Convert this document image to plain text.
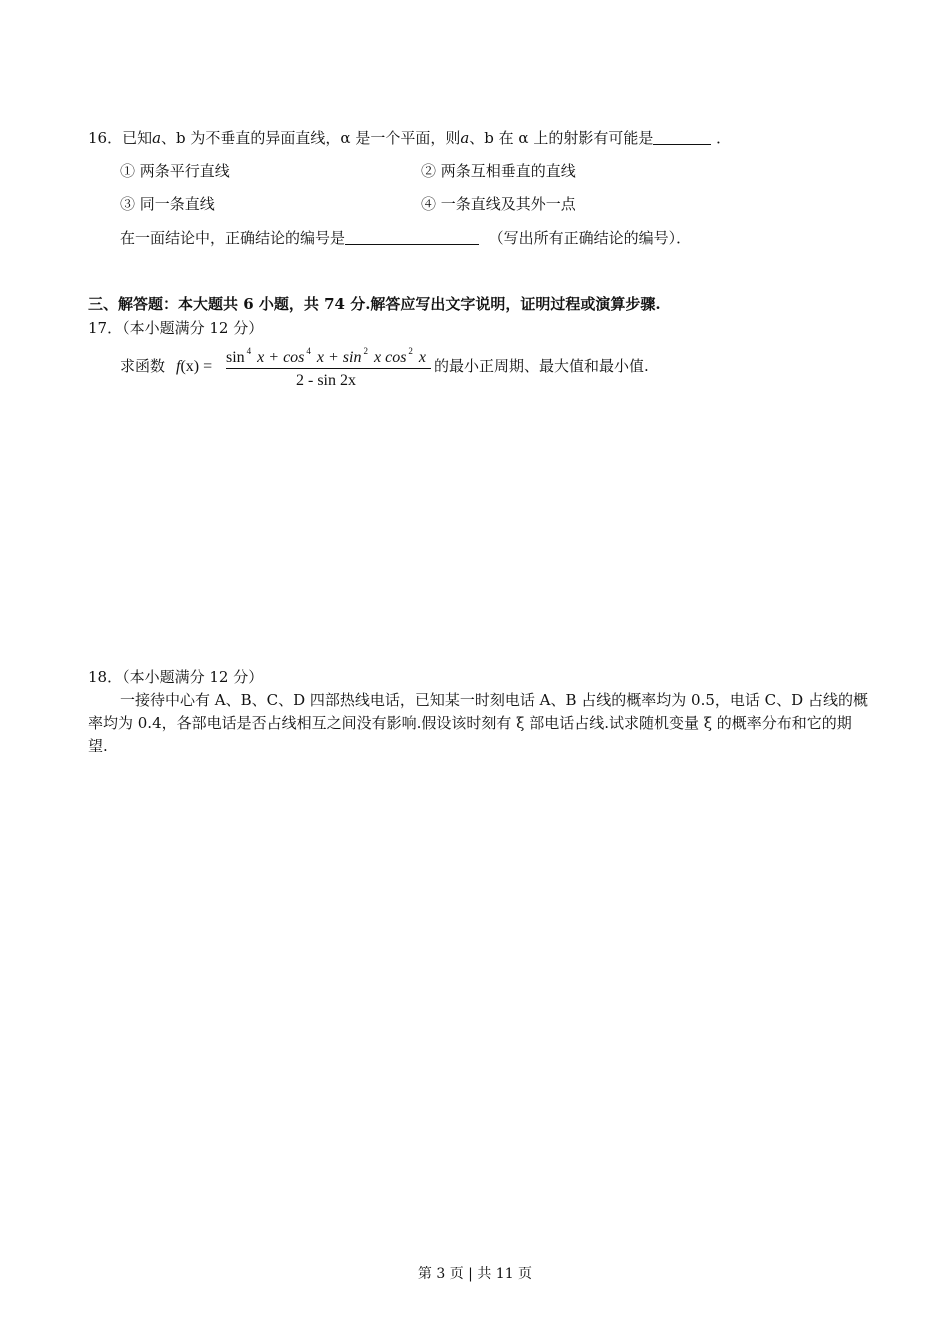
16．已知a、b 为不垂直的异面直线，α 是一个平面，则a、b 在 α 上的射影有可能是	．
① 两条平行直线	② 两条互相垂直的直线
③ 同一条直线	④ 一条直线及其外一点
在一面结论中，正确结论的编号是	（写出所有正确结论的编号）．
三、解答题：本大题共 6 小题，共 74 分.解答应写出文字说明，证明过程或演算步骤.
17．（本小题满分 12 分）
求函数 f(x) =
sin $^4$ x + cos $^4$ x + sin $^2$ x cos $^2$ x
2 - sin 2x
的最小正周期、最大值和最小值.
18．（本小题满分 12 分）
一接待中心有 A、B、C、D 四部热线电话，已知某一时刻电话 A、B 占线的概率均为 0.5，电话 C、D 占线的概率均为 0.4，各部电话是否占线相互之间没有影响.假设该时刻有 ξ 部电话占线.试求随机变量 ξ 的概率分布和它的期望.
第 3 页 | 共 11 页
